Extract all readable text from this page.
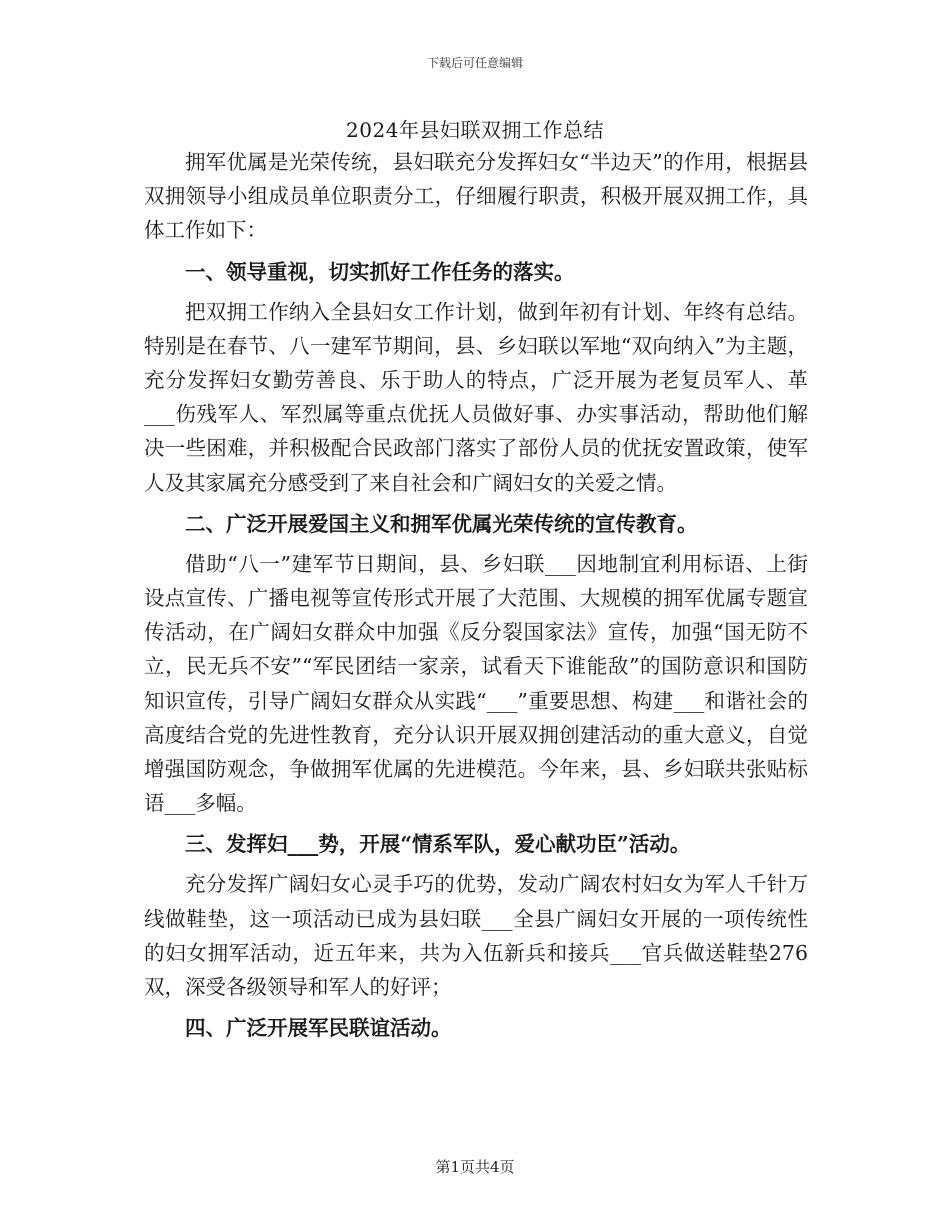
下载后可任意编辑
2024年县妇联双拥工作总结

拥军优属是光荣传统，县妇联充分发挥妇女“半边天”的作用，根据县双拥领导小组成员单位职责分工，仔细履行职责，积极开展双拥工作，具体工作如下：

一、领导重视，切实抓好工作任务的落实。

把双拥工作纳入全县妇女工作计划，做到年初有计划、年终有总结。特别是在春节、八一建军节期间，县、乡妇联以军地“双向纳入”为主题，充分发挥妇女勤劳善良、乐于助人的特点，广泛开展为老复员军人、革___伤残军人、军烈属等重点优抚人员做好事、办实事活动，帮助他们解决一些困难，并积极配合民政部门落实了部份人员的优抚安置政策，使军人及其家属充分感受到了来自社会和广阔妇女的关爱之情。

二、广泛开展爱国主义和拥军优属光荣传统的宣传教育。

借助“八一”建军节日期间，县、乡妇联___因地制宜利用标语、上街设点宣传、广播电视等宣传形式开展了大范围、大规模的拥军优属专题宣传活动，在广阔妇女群众中加强《反分裂国家法》宣传，加强“国无防不立，民无兵不安”“军民团结一家亲，试看天下谁能敌”的国防意识和国防知识宣传，引导广阔妇女群众从实践“___”重要思想、构建___和谐社会的高度结合党的先进性教育，充分认识开展双拥创建活动的重大意义，自觉增强国防观念，争做拥军优属的先进模范。今年来，县、乡妇联共张贴标语___多幅。

三、发挥妇___势，开展“情系军队，爱心献功臣”活动。

充分发挥广阔妇女心灵手巧的优势，发动广阔农村妇女为军人千针万线做鞋垫，这一项活动已成为县妇联___全县广阔妇女开展的一项传统性的妇女拥军活动，近五年来，共为入伍新兵和接兵___官兵做送鞋垫276双，深受各级领导和军人的好评；

四、广泛开展军民联谊活动。
第1页共4页
